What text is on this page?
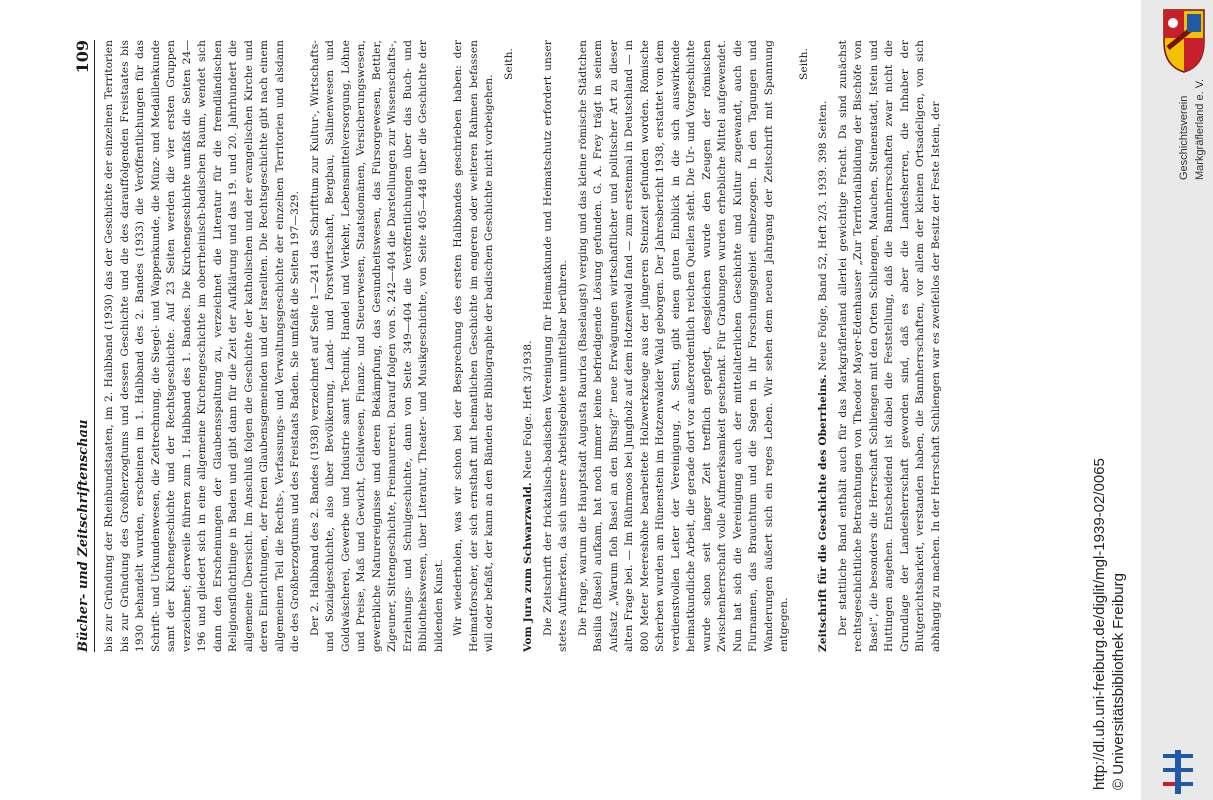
Bücher- und Zeitschriftenschau
109 bis zur Gründung der Rheinbundstaaten, im 2. Halbband (1930) das der Geschichte der einzelnen Territorien bis zur Gründung des Großherzogtums und dessen Geschichte und die des darauffolgenden Freistaates bis 1930 behandelt wurden, erscheinen im 1. Halbband des 2. Bandes (1933) die Veröffentlichungen für das Schrift- und Urkundenwesen, die Zeitrechnung, die Siegel- und Wappenkunde, die Münz- und Medaillenkunde samt der Kirchengeschichte und der Rechtsgeschichte. Auf 23 Seiten werden die vier ersten Gruppen verzeichnet; derweile führen zum 1. Halbband des 1. Bandes. Die Kirchengeschichte umfaßt die Seiten 24—196 und gliedert sich in eine allgemeine Kirchengeschichte im oberrheinisch-badischen Raum, wendet sich dann den Erscheinungen der Glaubensspaltung zu, verzeichnet die Literatur für die fremdländischen Religionsflüchtlinge in Baden und gibt dann für die Zeit der Aufklärung und das 19. und 20. Jahrhundert die allgemeine Übersicht. Im Anschluß folgen die Geschichte der katholischen und der evangelischen Kirche und deren Einrichtungen, der freien Glaubensgemeinden und der Israeliten. Die Rechtsgeschichte gibt nach einem allgemeinen Teil die Rechts-, Verfassungs- und Verwaltungsgeschichte der einzelnen Territorien und alsdann die des Großherzogtums und des Freistaats Baden. Sie umfaßt die Seiten 197—329. Der 2. Halbband des 2. Bandes (1938) verzeichnet auf Seite 1—241 das Schrifttum zur Kultur-, Wirtschafts- und Sozialgeschichte, also über Bevölkerung, Land- und Forstwirtschaft, Bergbau, Salinenwesen und Goldwäscherei, Gewerbe und Industrie samt Technik, Handel und Verkehr, Lebensmittelversorgung, Löhne und Preise, Maß und Gewicht, Geldwesen, Finanz- und Steuerwesen, Staatsdomänen, Versicherungswesen, gewerbliche Naturereignisse und deren Bekämpfung, das Gesundheitswesen, das Fürsorgewesen, Bettler, Zigeuner, Sittengeschichte, Freimaurerei. Darauf folgen von S. 242—404 die Darstellungen zur Wissenschafts-, Erziehungs- und Schulgeschichte, dann von Seite 349—404 die Veröffentlichungen über das Buch- und Bibliothekswesen, über Literatur, Theater- und Musikgeschichte, von Seite 405—448 über die Geschichte der bildenden Kunst. Wir wiederholen, was wir schon bei der Besprechung des ersten Halbbandes geschrieben haben: der Heimatforscher, der sich ernsthaft mit heimatlichen Geschichte im engeren oder weiteren Rahmen befassen will oder befaßt, der kann an den Bänden der Bibliographie der badischen Geschichte nicht vorbeigehen.

Seith.

Vom Jura zum Schwarzwald. Neue Folge. Heft 3/1938. Die Zeitschrift der fricktalisch-badischen Vereinigung für Heimatkunde und Heimatschutz erfordert unser stetes Aufmerken, da sich unsere Arbeitsgebiete unmittelbar berühren. Die Frage, warum die Hauptstadt Augusta Raurica (Baselaugst) verging und das kleine römische Städtchen Basilia (Basel) aufkam, hat noch immer keine befriedigende Lösung gefunden. G. A. Frey trägt in seinem Aufsatz „Warum floh Basel an den Birsig?“ neue Erwägungen wirtschaftlicher und politischer Art zu dieser alten Frage bei. — Im Rührmoos bei Jungholz auf dem Hotzenwald fand — zum erstenmal in Deutschland — in 800 Meter Meereshöhe bearbeitete Holzwerkzeuge aus der jüngeren Steinzeit gefunden worden. Römische Scherben wurden am Hünenstein im Hotzenwalder Wald geborgen. Der Jahresbericht 1938, erstattet von dem verdienstvollen Leiter der Vereinigung, A. Senti, gibt einen guten Einblick in die sich auswirkende heimatkundliche Arbeit, die gerade dort vor außerordentlich reichen Quellen steht. Die Ur- und Vorgeschichte wurde schon seit langer Zeit trefflich gepflegt, desgleichen wurde den Zeugen der römischen Zwischenherrschaft volle Aufmerksamkeit geschenkt. Für Grabungen wurden erhebliche Mittel aufgewendet. Nun hat sich die Vereinigung auch der mittelalterlichen Geschichte und Kultur zugewandt, auch die Flurnamen, das Brauchtum und die Sagen in ihr Forschungsgebiet einbezogen. In den Tagungen und Wanderungen äußert sich ein reges Leben. Wir sehen dem neuen Jahrgang der Zeitschrift mit Spannung entgegen.

Seith.

Zeitschrift für die Geschichte des Oberrheins. Neue Folge, Band 52, Heft 2/3. 1939. 398 Seiten. Der stattliche Band enthält auch für das Markgräflerland allerlei gewichtige Fracht. Da sind zunächst rechtsgeschichtliche Betrachtungen von Theodor Mayer-Edenhauser „Zur Territorialbildung der Bischöfe von Basel“, die besonders die Herrschaft Schliengen mit den Orten Schliengen, Mauchen, Steinenstadt, Istein und Huttingen angehen. Entscheidend ist dabei die Feststellung, daß die Bannherrschaften zwar nicht die Grundlage der Landesherrschaft geworden sind, daß es aber die Landesherren, die Inhaber der Blutgerichtsbarkeit, verstanden haben, die Bannherrschaften, vor allem der kleinen Ortsadeligen, von sich abhängig zu machen. In der Herrschaft Schliengen war es zweifellos der Besitz der Feste Istein, der	Geschichtsverein Markgräflerland e. V.
http://dl.ub.uni-freiburg.de/diglit/mgl-1939-02/0065 © Universitätsbibliothek Freiburg
